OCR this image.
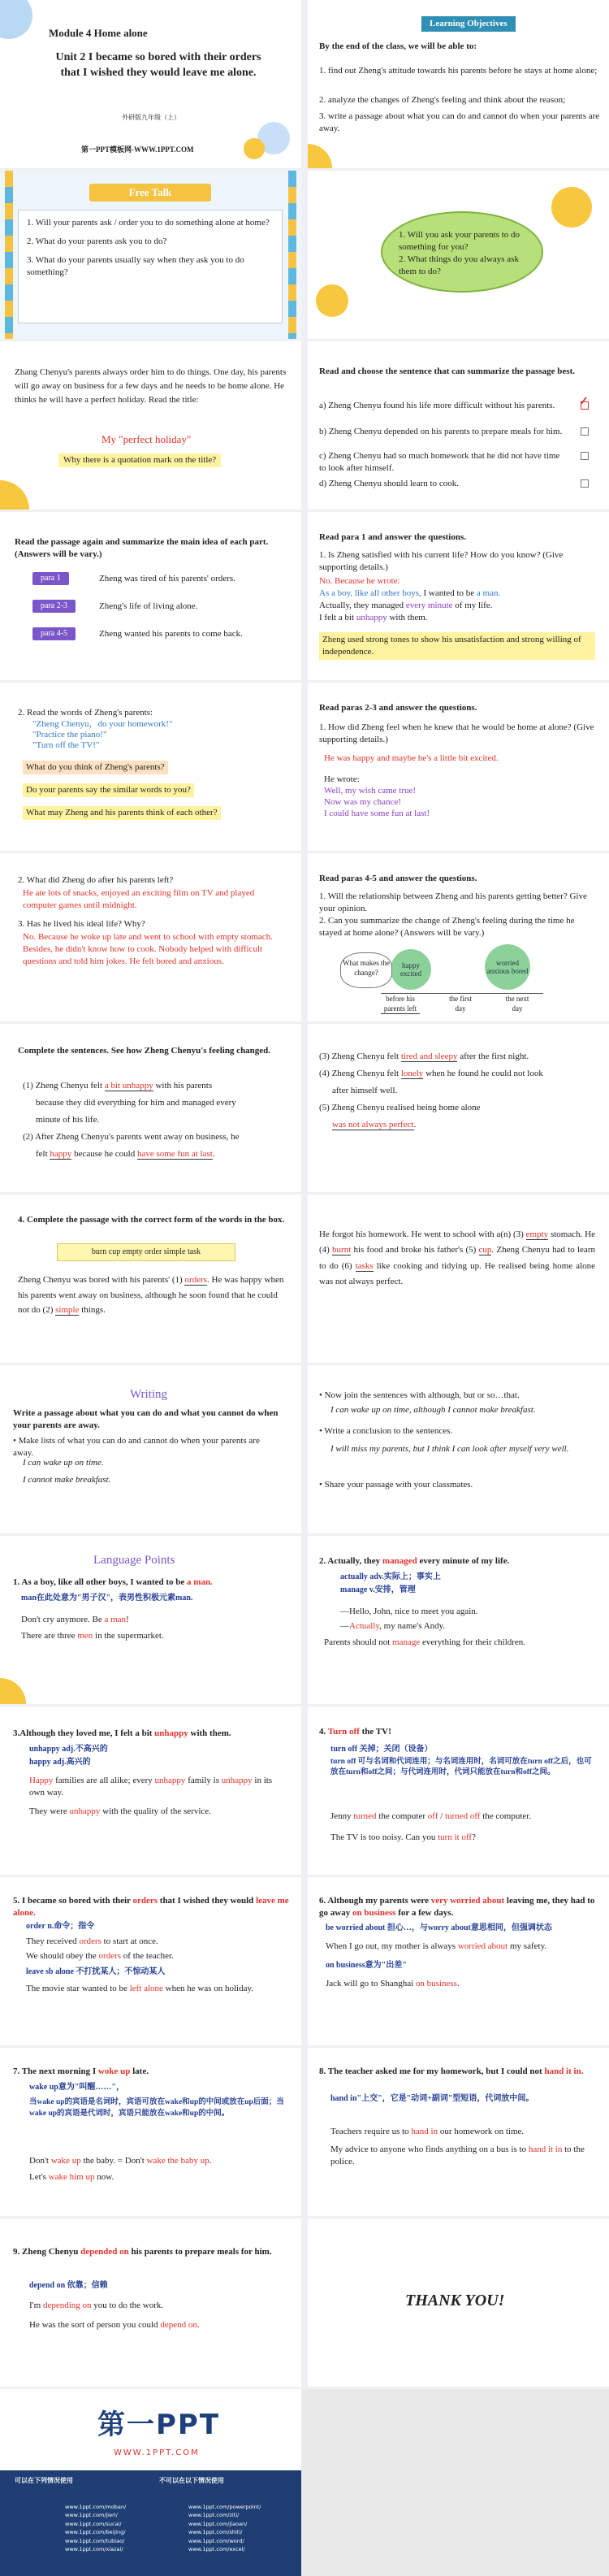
Module 4 Home alone
Unit 2 I became so bored with their orders that I wished they would leave me alone.
外研版九年级（上）
第一PPT模板网-WWW.1PPT.COM
Learning Objectives
By the end of the class, we will be able to:
1. find out Zheng's attitude towards his parents before he stays at home alone;
2. analyze the changes of Zheng's feeling and think about the reason;
3. write a passage about what you can do and cannot do when your parents are away.
Free Talk
1. Will your parents ask / order you to do something alone at home?
2. What do your parents ask you to do?
3. What do your parents usually say when they ask you to do something?
1. Will you ask your parents to do something for you?
2. What things do you always ask them to do?
Zhang Chenyu's parents always order him to do things. One day, his parents will go away on business for a few days and he needs to be home alone. He thinks he will have a perfect holiday. Read the title:
My "perfect holiday"
Why there is a quotation mark on the title?
Read and choose the sentence that can summarize the passage best.
a) Zheng Chenyu found his life more difficult without his parents.
b) Zheng Chenyu depended on his parents to prepare meals for him.
c) Zheng Chenyu had so much homework that he did not have time to look after himself.
d) Zheng Chenyu should learn to cook.
✓
Read the passage again and summarize the main idea of each part. (Answers will be vary.)
para 1	Zheng was tired of his parents' orders.
para 2-3	Zheng's life of living alone.
para 4-5	Zheng wanted his parents to come back.
Read para 1 and answer the questions.
1. Is Zheng satisfied with his current life? How do you know? (Give supporting details.)
No. Because he wrote:
As a boy, like all other boys, I wanted to be a man.
Actually, they managed every minute of my life.
I felt a bit unhappy with them.
Zheng used strong tones to show his unsatisfaction and strong willing of independence.
2. Read the words of Zheng's parents:
"Zheng Chenyu，do your homework!"
"Practice the piano!"
"Turn off the TV!"
What do you think of Zheng's parents?
Do your parents say the similar words to you?
What may Zheng and his parents think of each other?
Read paras 2-3 and answer the questions.
1. How did Zheng feel when he knew that he would be home at alone? (Give supporting details.)
He was happy and maybe he's a little bit excited.
He wrote:
Well, my wish came true!
Now was my chance!
I could have some fun at last!
2. What did Zheng do after his parents left?
He ate lots of snacks, enjoyed an exciting film on TV and played computer games until midnight.
3. Has he lived his ideal life? Why?
No. Because he woke up late and went to school with empty stomach. Besides, he didn't know how to cook. Nobody helped with difficult questions and told him jokes. He felt bored and anxious.
Read paras 4-5 and answer the questions.
1. Will the relationship between Zheng and his parents getting better? Give your opinion.
2. Can you summarize the change of Zheng's feeling during the time he stayed at home alone? (Answers will be vary.)
What makes the change?
happy excited
worried anxious bored
before his parents left
the first day
the next day
Complete the sentences. See how Zheng Chenyu's feeling changed.
(1) Zheng Chenyu felt a bit unhappy with his parents
because they did everything for him and managed every
minute of his life.
(2) After Zheng Chenyu's parents went away on business, he
felt happy because he could have some fun at last.
(3) Zheng Chenyu felt tired and sleepy after the first night.
(4) Zheng Chenyu felt lonely when he found he could not look
after himself well.
(5) Zheng Chenyu realised being home alone
was not always perfect.
4. Complete the passage with the correct form of the words in the box.
burn cup empty order simple task
Zheng Chenyu was bored with his parents' (1) orders. He was happy when his parents went away on business, although he soon found that he could not do (2) simple things.
He forgot his homework. He went to school with a(n) (3) empty stomach. He (4) burnt his food and broke his father's (5) cup. Zheng Chenyu had to learn to do (6) tasks like cooking and tidying up. He realised being home alone was not always perfect.
Writing
Write a passage about what you can do and what you cannot do when your parents are away.
• Make lists of what you can do and cannot do when your parents are away.
I can wake up on time.
I cannot make breakfast.
• Now join the sentences with although, but or so…that.
I can wake up on time, although I cannot make breakfast.
• Write a conclusion to the sentences.
I will miss my parents, but I think I can look after myself very well.
• Share your passage with your classmates.
Language Points
1. As a boy, like all other boys, I wanted to be a man.
man在此处意为"男子汉"，表男性积极元素man.
Don't cry anymore. Be a man!
There are three men in the supermarket.
2. Actually, they managed every minute of my life.
actually adv.实际上；事实上
manage v.安排，管理
—Hello, John, nice to meet you again.
—Actually, my name's Andy.
Parents should not manage everything for their children.
3.Although they loved me, I felt a bit unhappy with them.
unhappy adj.不高兴的
happy adj.高兴的
Happy families are all alike; every unhappy family is unhappy in its own way.
They were unhappy with the quality of the service.
4. Turn off the TV!
turn off 关掉；关闭（设备）
turn off 可与名词和代词连用；与名词连用时，名词可放在turn off之后，也可放在turn和off之间；与代词连用时，代词只能放在turn和off之间。
Jenny turned the computer off / turned off the computer.
The TV is too noisy. Can you turn it off?
5. I became so bored with their orders that I wished they would leave me alone.
order n.命令；指令
They received orders to start at once.
We should obey the orders of the teacher.
leave sb alone 不打扰某人；不惊动某人
The movie star wanted to be left alone when he was on holiday.
6. Although my parents were very worried about leaving me, they had to go away on business for a few days.
be worried about 担心…，与worry about意思相同，但强调状态
When I go out, my mother is always worried about my safety.
on business意为"出差"
Jack will go to Shanghai on business.
7. The next morning I woke up late.
wake up意为"叫醒……"，
当wake up的宾语是名词时，宾语可放在wake和up的中间或放在up后面；当wake up的宾语是代词时，宾语只能放在wake和up的中间。
Don't wake up the baby. = Don't wake the baby up.
Let's wake him up now.
8. The teacher asked me for my homework, but I could not hand it in.
hand in"上交"，它是"动词+副词"型短语，代词放中间。
Teachers require us to hand in our homework on time.
My advice to anyone who finds anything on a bus is to hand it in to the police.
9. Zheng Chenyu depended on his parents to prepare meals for him.
depend on 依靠；信赖
I'm depending on you to do the work.
He was the sort of person you could depend on.
THANK YOU!
第一PPT
WWW.1PPT.COM
可以在下列情况使用	不可以在以下情况使用
www.1ppt.com/moban/
www.1ppt.com/jieri/
www.1ppt.com/sucai/
www.1ppt.com/beijing/
www.1ppt.com/tubiao/
www.1ppt.com/xiazai/
www.1ppt.com/powerpoint/
www.1ppt.com/ziti/
www.1ppt.com/jiaoan/
www.1ppt.com/shiti/
www.1ppt.com/word/
www.1ppt.com/excel/
